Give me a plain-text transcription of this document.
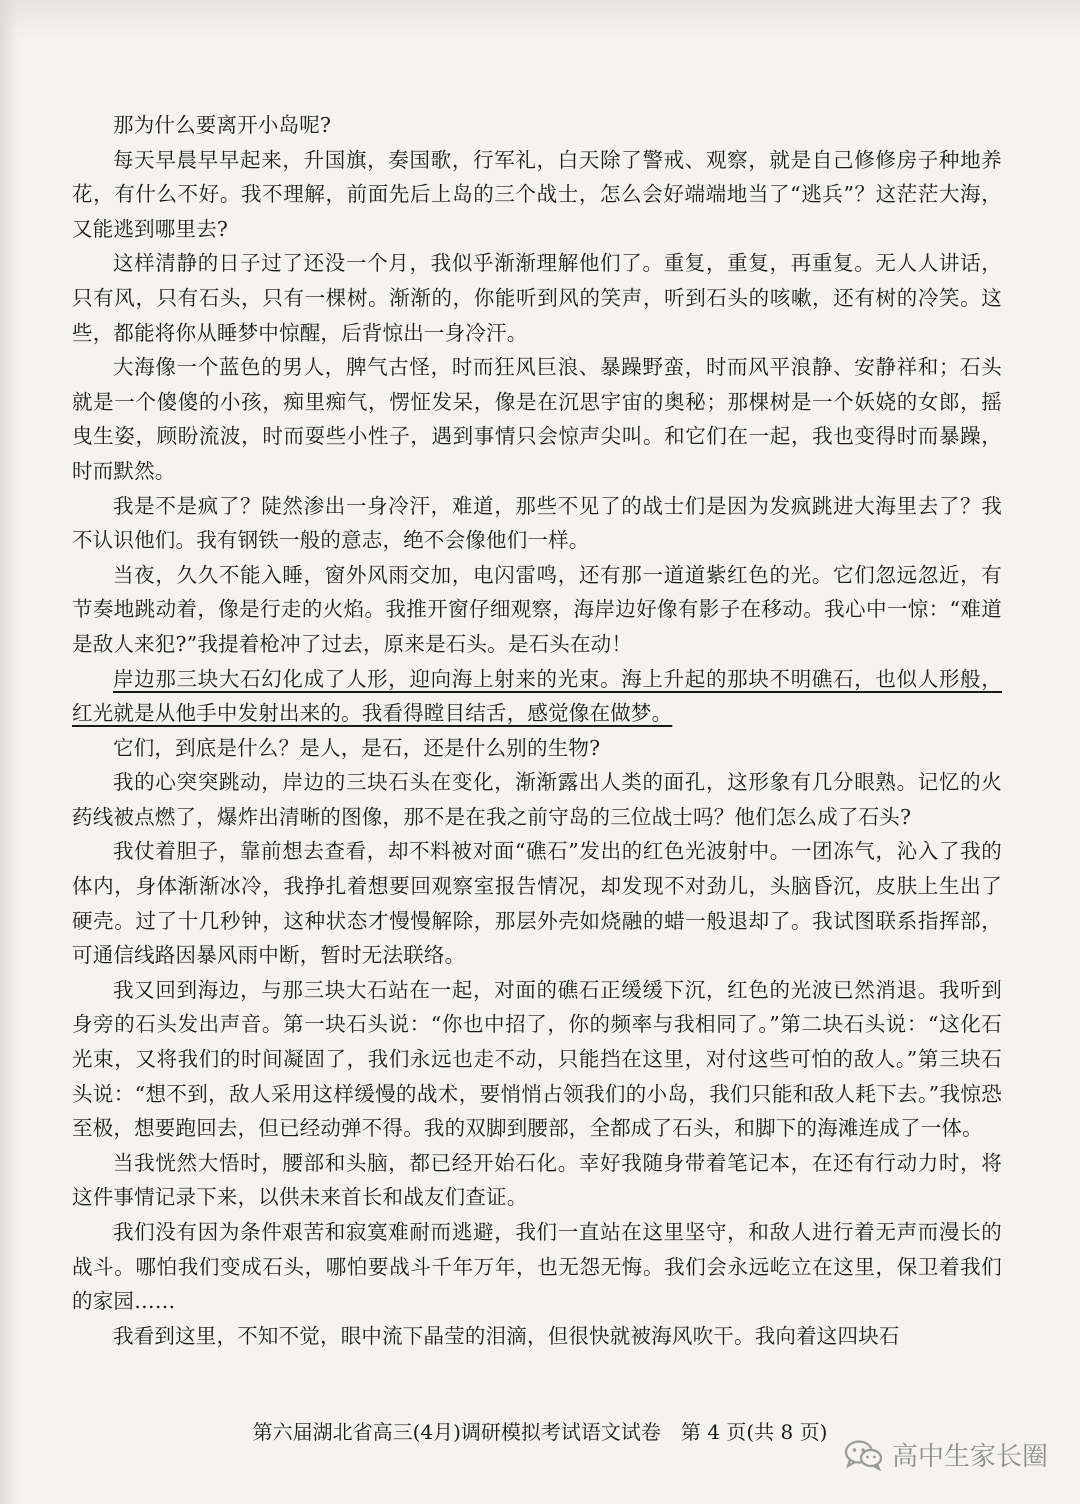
那为什么要离开小岛呢?

每天早晨早早起来，升国旗，奏国歌，行军礼，白天除了警戒、观察，就是自己修修房子种地养花，有什么不好。我不理解，前面先后上岛的三个战士，怎么会好端端地当了“逃兵”？这茫茫大海，又能逃到哪里去?

这样清静的日子过了还没一个月，我似乎渐渐理解他们了。重复，重复，再重复。无人人讲话，只有风，只有石头，只有一棵树。渐渐的，你能听到风的笑声，听到石头的咳嗽，还有树的冷笑。这些，都能将你从睡梦中惊醒，后背惊出一身冷汗。

大海像一个蓝色的男人，脾气古怪，时而狂风巨浪、暴躁野蛮，时而风平浪静、安静祥和；石头就是一个傻傻的小孩，痴里痴气，愣怔发呆，像是在沉思宇宙的奥秘；那棵树是一个妖娆的女郎，摇曳生姿，顾盼流波，时而耍些小性子，遇到事情只会惊声尖叫。和它们在一起，我也变得时而暴躁，时而默然。

我是不是疯了？陡然渗出一身冷汗，难道，那些不见了的战士们是因为发疯跳进大海里去了？我不认识他们。我有钢铁一般的意志，绝不会像他们一样。

当夜，久久不能入睡，窗外风雨交加，电闪雷鸣，还有那一道道紫红色的光。它们忽远忽近，有节奏地跳动着，像是行走的火焰。我推开窗仔细观察，海岸边好像有影子在移动。我心中一惊：“难道是敌人来犯?”我提着枪冲了过去，原来是石头。是石头在动！

岸边那三块大石幻化成了人形，迎向海上射来的光束。海上升起的那块不明礁石，也似人形般，红光就是从他手中发射出来的。我看得瞠目结舌，感觉像在做梦。

它们，到底是什么？是人，是石，还是什么别的生物?

我的心突突跳动，岸边的三块石头在变化，渐渐露出人类的面孔，这形象有几分眼熟。记忆的火药线被点燃了，爆炸出清晰的图像，那不是在我之前守岛的三位战士吗？他们怎么成了石头?

我仗着胆子，靠前想去查看，却不料被对面“礁石”发出的红色光波射中。一团冻气，沁入了我的体内，身体渐渐冰冷，我挣扎着想要回观察室报告情况，却发现不对劲儿，头脑昏沉，皮肤上生出了硬壳。过了十几秒钟，这种状态才慢慢解除，那层外壳如烧融的蜡一般退却了。我试图联系指挥部，可通信线路因暴风雨中断，暂时无法联络。

我又回到海边，与那三块大石站在一起，对面的礁石正缓缓下沉，红色的光波已然消退。我听到身旁的石头发出声音。第一块石头说：“你也中招了，你的频率与我相同了。”第二块石头说：“这化石光束，又将我们的时间凝固了，我们永远也走不动，只能挡在这里，对付这些可怕的敌人。”第三块石头说：“想不到，敌人采用这样缓慢的战术，要悄悄占领我们的小岛，我们只能和敌人耗下去。”我惊恐至极，想要跑回去，但已经动弹不得。我的双脚到腰部，全都成了石头，和脚下的海滩连成了一体。

当我恍然大悟时，腰部和头脑，都已经开始石化。幸好我随身带着笔记本，在还有行动力时，将这件事情记录下来，以供未来首长和战友们查证。

我们没有因为条件艰苦和寂寞难耐而逃避，我们一直站在这里坚守，和敌人进行着无声而漫长的战斗。哪怕我们变成石头，哪怕要战斗千年万年，也无怨无悔。我们会永远屹立在这里，保卫着我们的家园……

我看到这里，不知不觉，眼中流下晶莹的泪滴，但很快就被海风吹干。我向着这四块石

第六届湖北省高三(4月)调研模拟考试语文试卷　第 4 页(共 8 页)
高中生家长圈
